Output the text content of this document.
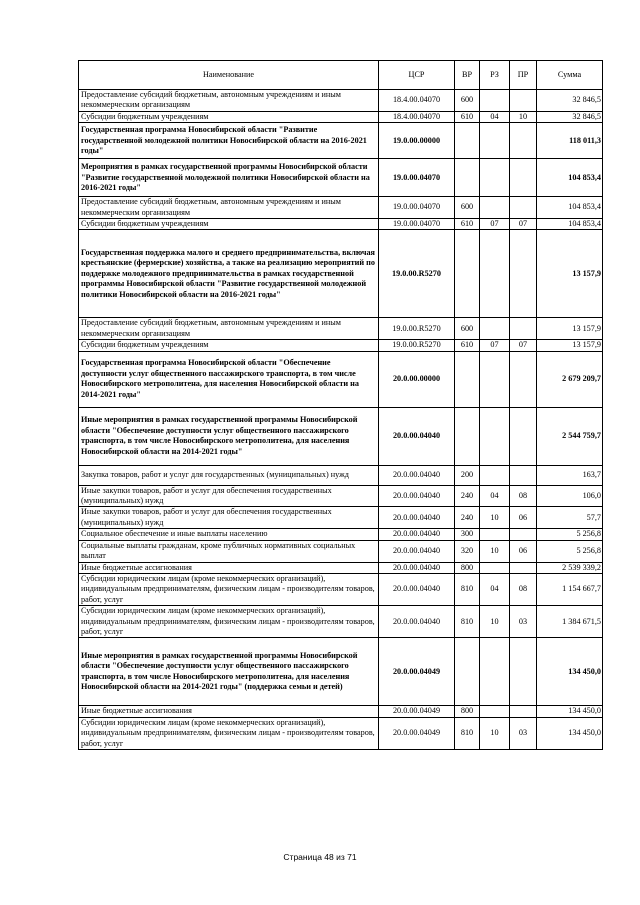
Наименование	ЦСР	ВР	РЗ	ПР	Сумма
Предоставление субсидий бюджетным, автономным учреждениям и иным некоммерческим организациям	18.4.00.04070	600			32 846,5
Субсидии бюджетным учреждениям	18.4.00.04070	610	04	10	32 846,5
Государственная программа Новосибирской области "Развитие государственной молодежной политики Новосибирской области на 2016-2021 годы"	19.0.00.00000				118 011,3
Мероприятия в рамках государственной программы Новосибирской области "Развитие государственной молодежной политики Новосибирской области на 2016-2021 годы"	19.0.00.04070				104 853,4
Предоставление субсидий бюджетным, автономным учреждениям и иным некоммерческим организациям	19.0.00.04070	600			104 853,4
Субсидии бюджетным учреждениям	19.0.00.04070	610	07	07	104 853,4
Государственная поддержка малого и среднего предпринимательства, включая крестьянские (фермерские) хозяйства, а также на реализацию мероприятий по поддержке молодежного предпринимательства в рамках государственной программы Новосибирской области "Развитие государственной молодежной политики Новосибирской области на 2016-2021 годы"	19.0.00.R5270				13 157,9
Предоставление субсидий бюджетным, автономным учреждениям и иным некоммерческим организациям	19.0.00.R5270	600			13 157,9
Субсидии бюджетным учреждениям	19.0.00.R5270	610	07	07	13 157,9
Государственная программа Новосибирской области "Обеспечение доступности услуг общественного пассажирского транспорта, в том числе Новосибирского метрополитена, для населения Новосибирской области на 2014-2021 годы"	20.0.00.00000				2 679 209,7
Иные мероприятия в рамках государственной программы Новосибирской области "Обеспечение доступности услуг общественного пассажирского транспорта, в том числе Новосибирского метрополитена, для населения Новосибирской области на 2014-2021 годы"	20.0.00.04040				2 544 759,7
Закупка товаров, работ и услуг для государственных (муниципальных) нужд	20.0.00.04040	200			163,7
Иные закупки товаров, работ и услуг для обеспечения государственных (муниципальных) нужд	20.0.00.04040	240	04	08	106,0
Иные закупки товаров, работ и услуг для обеспечения государственных (муниципальных) нужд	20.0.00.04040	240	10	06	57,7
Социальное обеспечение и иные выплаты населению	20.0.00.04040	300			5 256,8
Социальные выплаты гражданам, кроме публичных нормативных социальных выплат	20.0.00.04040	320	10	06	5 256,8
Иные бюджетные ассигнования	20.0.00.04040	800			2 539 339,2
Субсидии юридическим лицам (кроме некоммерческих организаций), индивидуальным предпринимателям, физическим лицам - производителям товаров, работ, услуг	20.0.00.04040	810	04	08	1 154 667,7
Субсидии юридическим лицам (кроме некоммерческих организаций), индивидуальным предпринимателям, физическим лицам - производителям товаров, работ, услуг	20.0.00.04040	810	10	03	1 384 671,5
Иные мероприятия в рамках государственной программы Новосибирской области "Обеспечение доступности услуг общественного пассажирского транспорта, в том числе Новосибирского метрополитена, для населения Новосибирской области на 2014-2021 годы" (поддержка семьи и детей)	20.0.00.04049				134 450,0
Иные бюджетные ассигнования	20.0.00.04049	800			134 450,0
Субсидии юридическим лицам (кроме некоммерческих организаций), индивидуальным предпринимателям, физическим лицам - производителям товаров, работ, услуг	20.0.00.04049	810	10	03	134 450,0
Страница 48 из 71
